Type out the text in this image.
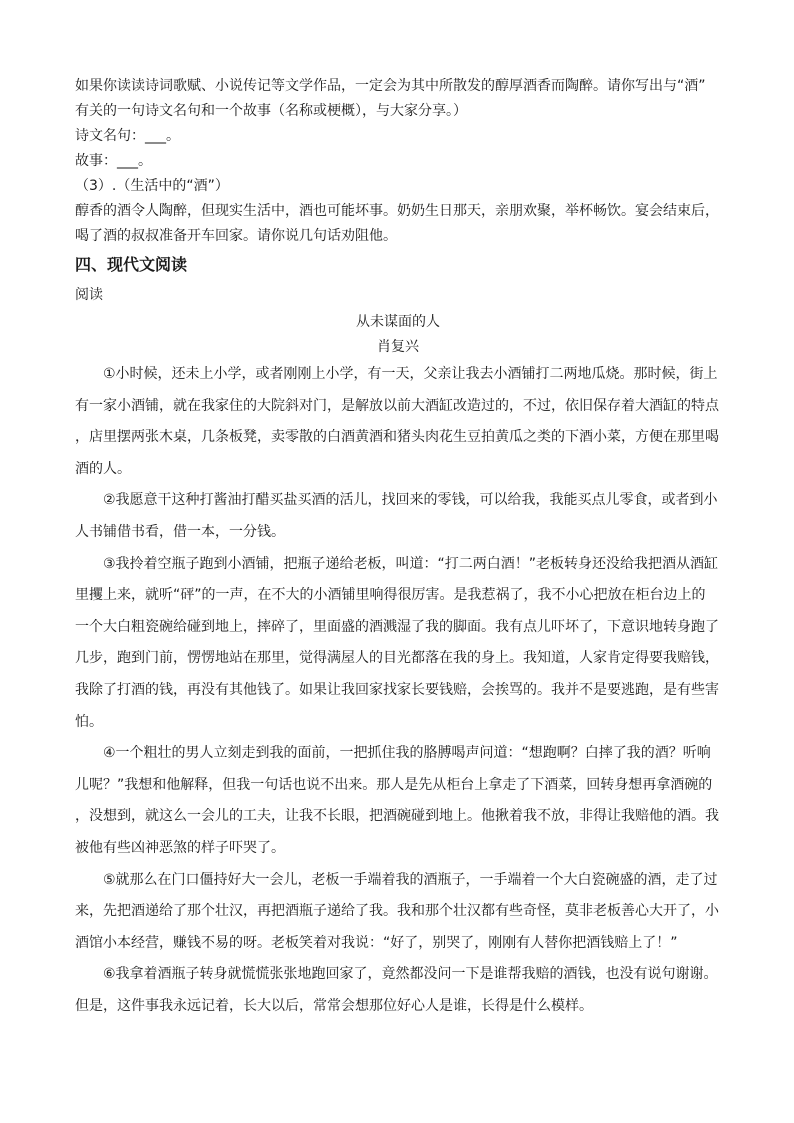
如果你读读诗词歌赋、小说传记等文学作品，一定会为其中所散发的醇厚酒香而陶醉。请你写出与“酒”
有关的一句诗文名句和一个故事（名称或梗概），与大家分享。）
诗文名句：___。
故事：___。
（3）.（生活中的“酒”）
醇香的酒令人陶醉，但现实生活中，酒也可能坏事。奶奶生日那天，亲朋欢聚，举杯畅饮。宴会结束后，
喝了酒的叔叔准备开车回家。请你说几句话劝阻他。
四、现代文阅读
阅读
从未谋面的人
肖复兴
①小时候，还未上小学，或者刚刚上小学，有一天，父亲让我去小酒铺打二两地瓜烧。那时候，街上
有一家小酒铺，就在我家住的大院斜对门，是解放以前大酒缸改造过的，不过，依旧保存着大酒缸的特点
，店里摆两张木桌，几条板凳，卖零散的白酒黄酒和猪头肉花生豆拍黄瓜之类的下酒小菜，方便在那里喝
酒的人。
②我愿意干这种打酱油打醋买盐买酒的活儿，找回来的零钱，可以给我，我能买点儿零食，或者到小
人书铺借书看，借一本，一分钱。
③我拎着空瓶子跑到小酒铺，把瓶子递给老板，叫道：“打二两白酒！”老板转身还没给我把酒从酒缸
里攫上来，就听“砰”的一声，在不大的小酒铺里响得很厉害。是我惹祸了，我不小心把放在柜台边上的
一个大白粗瓷碗给碰到地上，摔碎了，里面盛的酒溅湿了我的脚面。我有点儿吓坏了，下意识地转身跑了
几步，跑到门前，愣愣地站在那里，觉得满屋人的目光都落在我的身上。我知道，人家肯定得要我赔钱，
我除了打酒的钱，再没有其他钱了。如果让我回家找家长要钱赔，会挨骂的。我并不是要逃跑，是有些害
怕。
④一个粗壮的男人立刻走到我的面前，一把抓住我的胳膊喝声问道：“想跑啊？白摔了我的酒？听响
儿呢？”我想和他解释，但我一句话也说不出来。那人是先从柜台上拿走了下酒菜，回转身想再拿酒碗的
，没想到，就这么一会儿的工夫，让我不长眼，把酒碗碰到地上。他揪着我不放，非得让我赔他的酒。我
被他有些凶神恶煞的样子吓哭了。
⑤就那么在门口僵持好大一会儿，老板一手端着我的酒瓶子，一手端着一个大白瓷碗盛的酒，走了过
来，先把酒递给了那个壮汉，再把酒瓶子递给了我。我和那个壮汉都有些奇怪，莫非老板善心大开了，小
酒馆小本经营，赚钱不易的呀。老板笑着对我说：“好了，别哭了，刚刚有人替你把酒钱赔上了！”
⑥我拿着酒瓶子转身就慌慌张张地跑回家了，竟然都没问一下是谁帮我赔的酒钱，也没有说句谢谢。
但是，这件事我永远记着，长大以后，常常会想那位好心人是谁，长得是什么模样。
